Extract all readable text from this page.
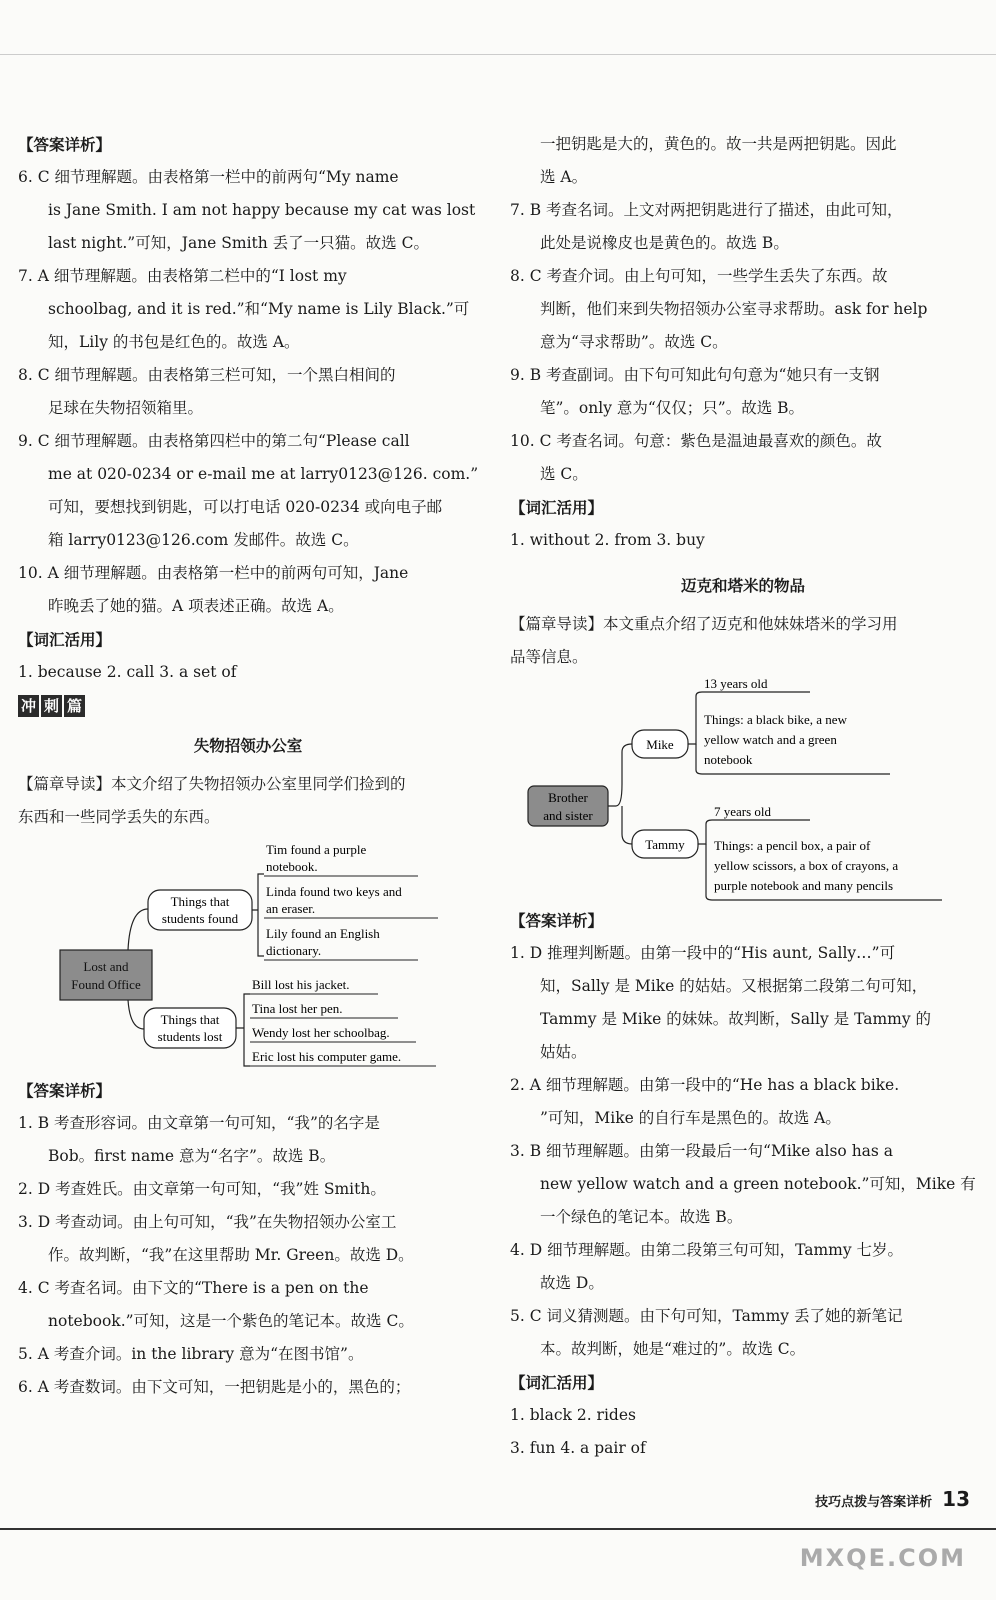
【答案详析】
6. C 细节理解题。由表格第一栏中的前两句“My name
is Jane Smith. I am not happy because my cat was lost
last night.”可知，Jane Smith 丢了一只猫。故选 C。
7. A 细节理解题。由表格第二栏中的“I lost my
schoolbag, and it is red.”和“My name is Lily Black.”可
知，Lily 的书包是红色的。故选 A。
8. C 细节理解题。由表格第三栏可知，一个黑白相间的
足球在失物招领箱里。
9. C 细节理解题。由表格第四栏中的第二句“Please call
me at 020-0234 or e-mail me at larry0123@126. com.”
可知，要想找到钥匙，可以打电话 020-0234 或向电子邮
箱 larry0123@126.com 发邮件。故选 C。
10. A 细节理解题。由表格第一栏中的前两句可知，Jane
昨晚丢了她的猫。A 项表述正确。故选 A。
【词汇活用】
1. because 2. call 3. a set of
冲 刺 篇
失物招领办公室
【篇章导读】本文介绍了失物招领办公室里同学们捡到的
东西和一些同学丢失的东西。
Lost and
Found Office
Things that
students found
Things that
students lost
Tim found a purple
notebook.
Linda found two keys and
an eraser.
Lily found an English
dictionary.
Bill lost his jacket.
Tina lost her pen.
Wendy lost her schoolbag.
Eric lost his computer game.
【答案详析】
1. B 考查形容词。由文章第一句可知，“我”的名字是
Bob。first name 意为“名字”。故选 B。
2. D 考查姓氏。由文章第一句可知，“我”姓 Smith。
3. D 考查动词。由上句可知，“我”在失物招领办公室工
作。故判断，“我”在这里帮助 Mr. Green。故选 D。
4. C 考查名词。由下文的“There is a pen on the
notebook.”可知，这是一个紫色的笔记本。故选 C。
5. A 考查介词。in the library 意为“在图书馆”。
6. A 考查数词。由下文可知，一把钥匙是小的，黑色的；
一把钥匙是大的，黄色的。故一共是两把钥匙。因此
选 A。
7. B 考查名词。上文对两把钥匙进行了描述，由此可知，
此处是说橡皮也是黄色的。故选 B。
8. C 考查介词。由上句可知，一些学生丢失了东西。故
判断，他们来到失物招领办公室寻求帮助。ask for help
意为“寻求帮助”。故选 C。
9. B 考查副词。由下句可知此句句意为“她只有一支钢
笔”。only 意为“仅仅；只”。故选 B。
10. C 考查名词。句意：紫色是温迪最喜欢的颜色。故
选 C。
【词汇活用】
1. without 2. from 3. buy
迈克和塔米的物品
【篇章导读】本文重点介绍了迈克和他妹妹塔米的学习用
品等信息。
Brother
and sister
Mike
Tammy
13 years old
Things: a black bike, a new
yellow watch and a green
notebook
7 years old
Things: a pencil box, a pair of
yellow scissors, a box of crayons, a
purple notebook and many pencils
【答案详析】
1. D 推理判断题。由第一段中的“His aunt, Sally…”可
知，Sally 是 Mike 的姑姑。又根据第二段第二句可知，
Tammy 是 Mike 的妹妹。故判断，Sally 是 Tammy 的
姑姑。
2. A 细节理解题。由第一段中的“He has a black bike.
”可知，Mike 的自行车是黑色的。故选 A。
3. B 细节理解题。由第一段最后一句“Mike also has a
new yellow watch and a green notebook.”可知，Mike 有
一个绿色的笔记本。故选 B。
4. D 细节理解题。由第二段第三句可知，Tammy 七岁。
故选 D。
5. C 词义猜测题。由下句可知，Tammy 丢了她的新笔记
本。故判断，她是“难过的”。故选 C。
【词汇活用】
1. black 2. rides
3. fun 4. a pair of
技巧点拨与答案详析 13
MXQE.COM
